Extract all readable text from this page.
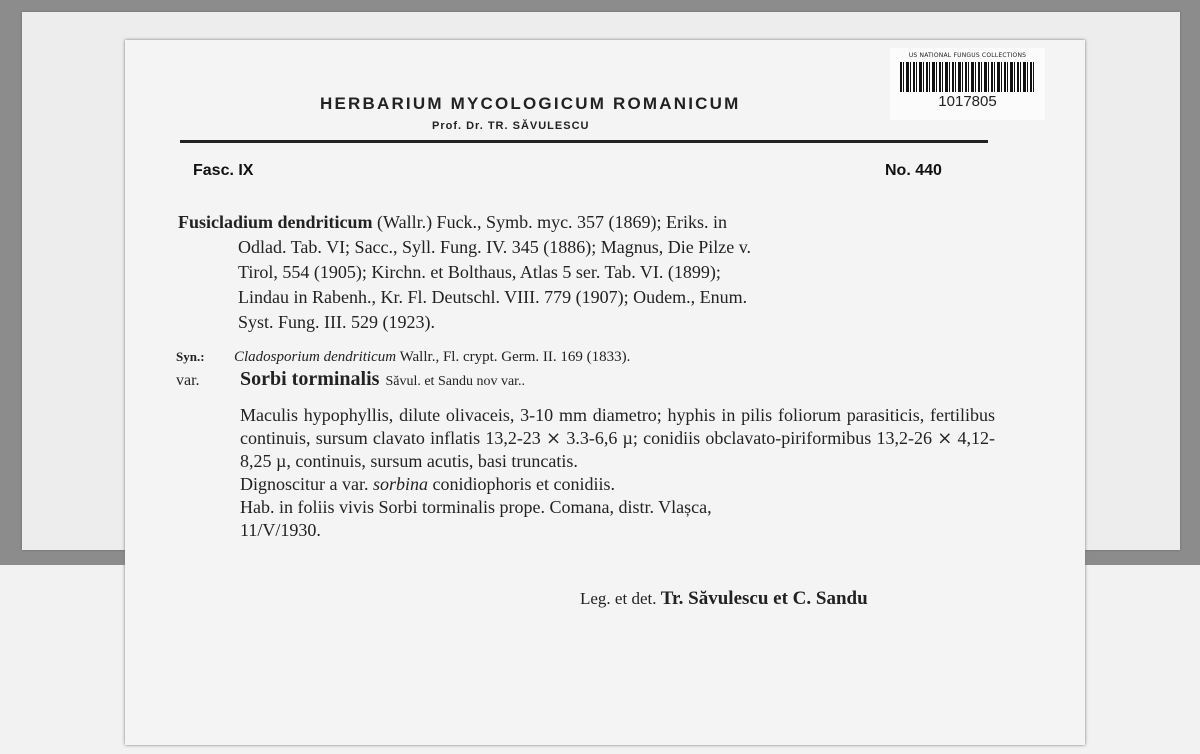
US NATIONAL FUNGUS COLLECTIONS
1017805
HERBARIUM MYCOLOGICUM ROMANICUM
Prof. Dr. TR. SĂVULESCU
Fasc. IX	No. 440
Fusicladium dendriticum (Wallr.) Fuck., Symb. myc. 357 (1869); Eriks. in
Odlad. Tab. VI; Sacc., Syll. Fung. IV. 345 (1886); Magnus, Die Pilze v.
Tirol, 554 (1905); Kirchn. et Bolthaus, Atlas 5 ser. Tab. VI. (1899);
Lindau in Rabenh., Kr. Fl. Deutschl. VIII. 779 (1907); Oudem., Enum.
Syst. Fung. III. 529 (1923).
Syn.: Cladosporium dendriticum Wallr., Fl. crypt. Germ. II. 169 (1833).
var. Sorbi torminalis Săvul. et Sandu nov var..

Maculis hypophyllis, dilute olivaceis, 3-10 mm diametro; hyphis in pilis foliorum parasiticis, fertilibus continuis, sursum clavato inflatis 13,2-23 ⨯ 3.3-6,6 µ; conidiis obclavato-piriformibus 13,2-26 ⨯ 4,12-8,25 µ, continuis, sursum acutis, basi truncatis.

Dignoscitur a var. sorbina conidiophoris et conidiis.

Hab. in foliis vivis Sorbi torminalis prope. Comana, distr. Vlașca,

11/V/1930.

Leg. et det. Tr. Săvulescu et C. Sandu
